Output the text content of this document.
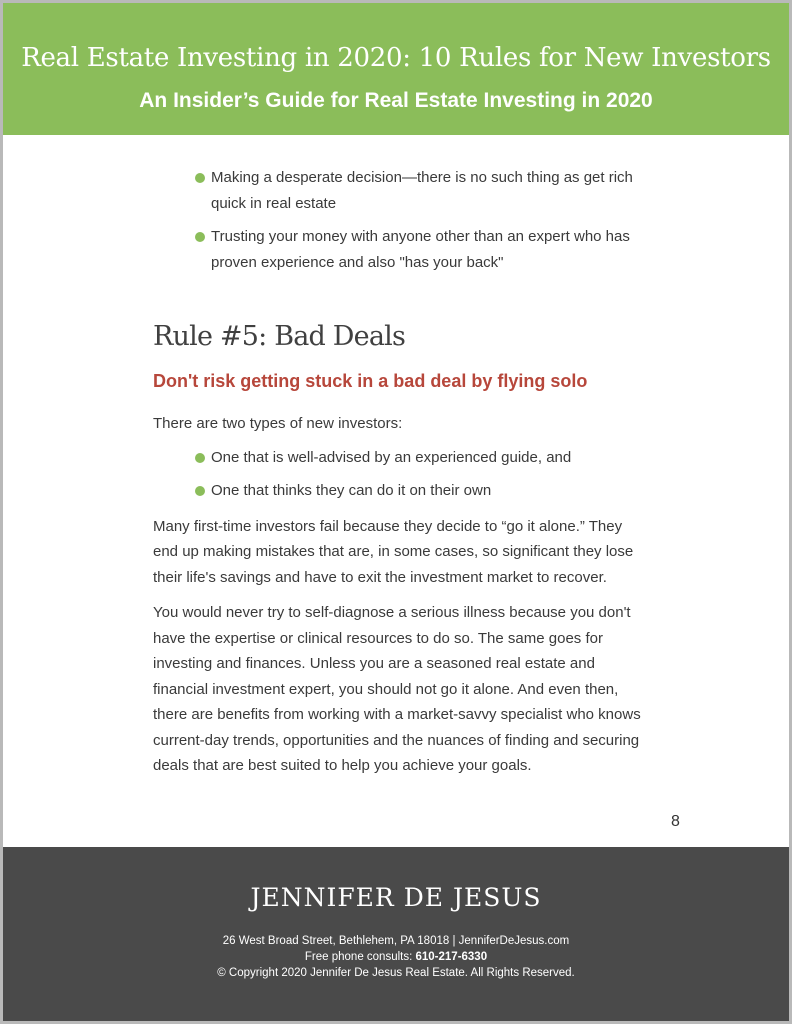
Real Estate Investing in 2020: 10 Rules for New Investors
An Insider’s Guide for Real Estate Investing in 2020
Making a desperate decision—there is no such thing as get rich quick in real estate
Trusting your money with anyone other than an expert who has proven experience and also "has your back"
Rule #5: Bad Deals
Don't risk getting stuck in a bad deal by flying solo

There are two types of new investors:

One that is well-advised by an experienced guide, and
One that thinks they can do it on their own

Many first-time investors fail because they decide to “go it alone.” They end up making mistakes that are, in some cases, so significant they lose their life's savings and have to exit the investment market to recover.

You would never try to self-diagnose a serious illness because you don't have the expertise or clinical resources to do so. The same goes for investing and finances. Unless you are a seasoned real estate and financial investment expert, you should not go it alone. And even then, there are benefits from working with a market-savvy specialist who knows current-day trends, opportunities and the nuances of finding and securing deals that are best suited to help you achieve your goals.

8
JENNIFER DE JESUS
26 West Broad Street, Bethlehem, PA 18018 | JenniferDeJesus.com
Free phone consults: 610-217-6330
© Copyright 2020 Jennifer De Jesus Real Estate. All Rights Reserved.
